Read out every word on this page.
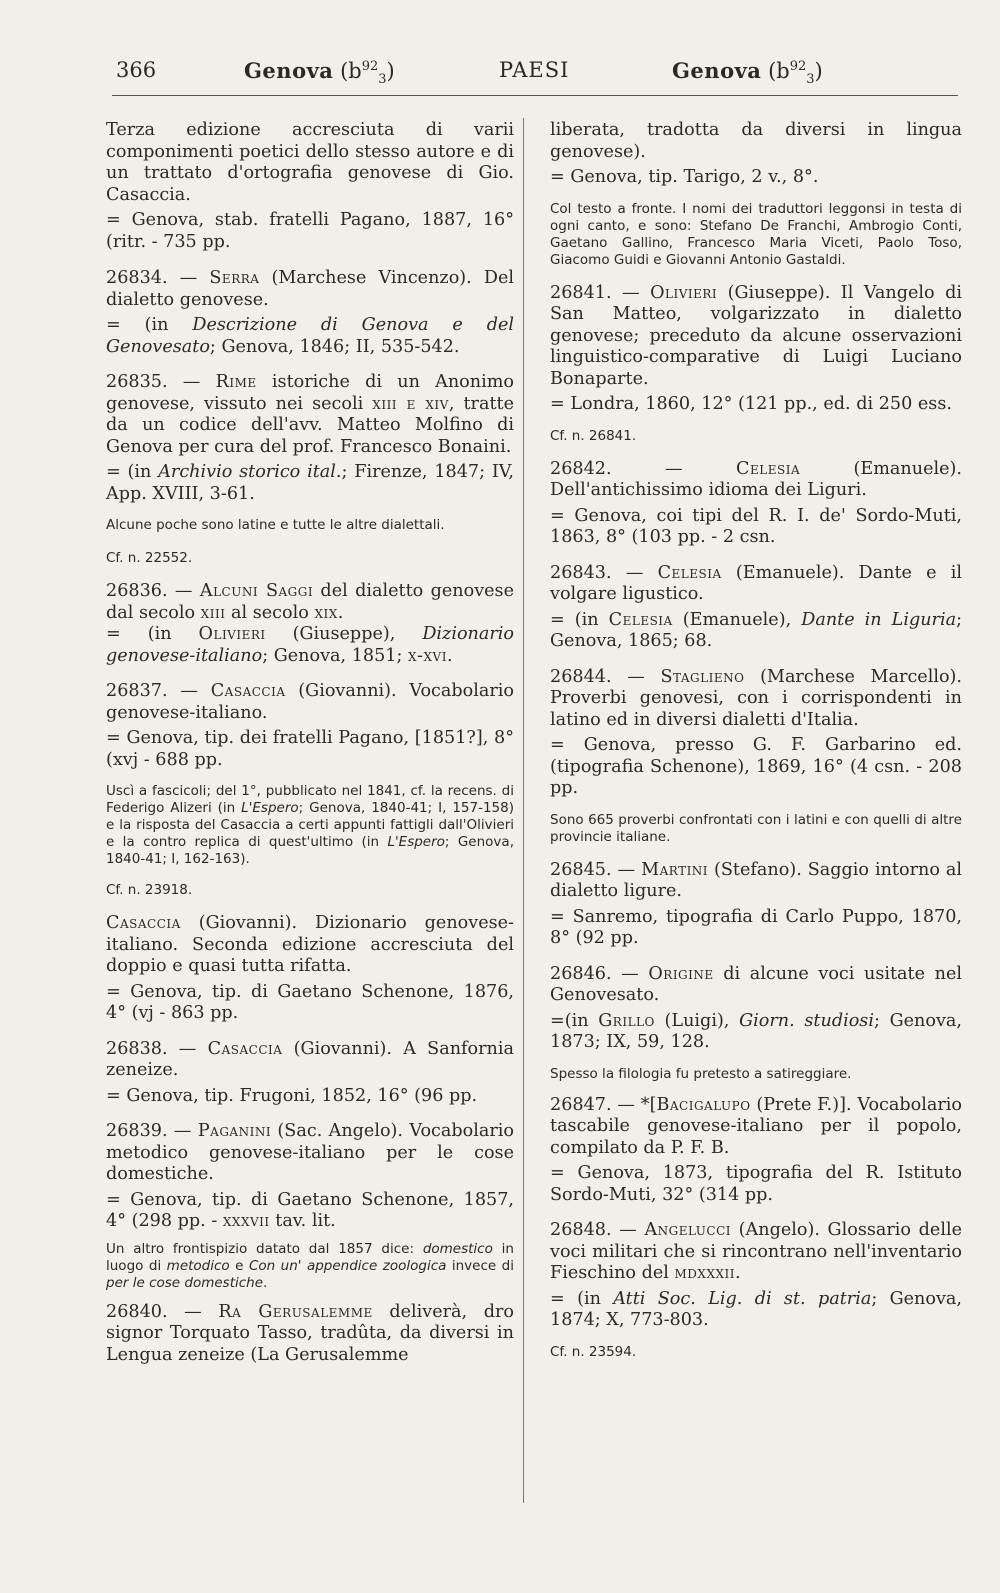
366	Genova $(b^{92}_3)$	PAESI	Genova $(b^{92}_3)$

Terza edizione accresciuta di varii componimenti poetici dello stesso autore e di un trattato d'ortografia genovese di Gio. Casaccia.

= Genova, stab. fratelli Pagano, 1887, 16° (ritr. - 735 pp.

26834. — Serra (Marchese Vincenzo). Del dialetto genovese.

= (in Descrizione di Genova e del Genovesato; Genova, 1846; II, 535-542.

26835. — Rime istoriche di un Anonimo genovese, vissuto nei secoli xiii e xiv, tratte da un codice dell'avv. Matteo Molfino di Genova per cura del prof. Francesco Bonaini.

= (in Archivio storico ital.; Firenze, 1847; IV, App. XVIII, 3-61.

Alcune poche sono latine e tutte le altre dialettali.

Cf. n. 22552.

26836. — Alcuni Saggi del dialetto genovese dal secolo xiii al secolo xix.

= (in Olivieri (Giuseppe), Dizionario genovese-italiano; Genova, 1851; x-xvi.

26837. — Casaccia (Giovanni). Vocabolario genovese-italiano.

= Genova, tip. dei fratelli Pagano, [1851?], 8° (xvj - 688 pp.

Uscì a fascicoli; del 1°, pubblicato nel 1841, cf. la recens. di Federigo Alizeri (in L'Espero; Genova, 1840-41; I, 157-158) e la risposta del Casaccia a certi appunti fattigli dall'Olivieri e la contro replica di quest'ultimo (in L'Espero; Genova, 1840-41; I, 162-163).

Cf. n. 23918.

Casaccia (Giovanni). Dizionario genovese-italiano. Seconda edizione accresciuta del doppio e quasi tutta rifatta.

= Genova, tip. di Gaetano Schenone, 1876, 4° (vj - 863 pp.

26838. — Casaccia (Giovanni). A Sanfornia zeneize.

= Genova, tip. Frugoni, 1852, 16° (96 pp.

26839. — Paganini (Sac. Angelo). Vocabolario metodico genovese-italiano per le cose domestiche.

= Genova, tip. di Gaetano Schenone, 1857, 4° (298 pp. - xxxvii tav. lit.

Un altro frontispizio datato dal 1857 dice: domestico in luogo di metodico e Con un' appendice zoologica invece di per le cose domestiche.

26840. — Ra Gerusalemme deliverà, dro signor Torquato Tasso, tradûta, da diversi in Lengua zeneize (La Gerusalemme

liberata, tradotta da diversi in lingua genovese).

= Genova, tip. Tarigo, 2 v., 8°.

Col testo a fronte. I nomi dei traduttori leggonsi in testa di ogni canto, e sono: Stefano De Franchi, Ambrogio Conti, Gaetano Gallino, Francesco Maria Viceti, Paolo Toso, Giacomo Guidi e Giovanni Antonio Gastaldi.

26841. — Olivieri (Giuseppe). Il Vangelo di San Matteo, volgarizzato in dialetto genovese; preceduto da alcune osservazioni linguistico-comparative di Luigi Luciano Bonaparte.

= Londra, 1860, 12° (121 pp., ed. di 250 ess.

Cf. n. 26841.

26842. — Celesia (Emanuele). Dell'antichissimo idioma dei Liguri.

= Genova, coi tipi del R. I. de' Sordo-Muti, 1863, 8° (103 pp. - 2 csn.

26843. — Celesia (Emanuele). Dante e il volgare ligustico.

= (in Celesia (Emanuele), Dante in Liguria; Genova, 1865; 68.

26844. — Staglieno (Marchese Marcello). Proverbi genovesi, con i corrispondenti in latino ed in diversi dialetti d'Italia.

= Genova, presso G. F. Garbarino ed. (tipografia Schenone), 1869, 16° (4 csn. - 208 pp.

Sono 665 proverbi confrontati con i latini e con quelli di altre provincie italiane.

26845. — Martini (Stefano). Saggio intorno al dialetto ligure.

= Sanremo, tipografia di Carlo Puppo, 1870, 8° (92 pp.

26846. — Origine di alcune voci usitate nel Genovesato.

=(in Grillo (Luigi), Giorn. studiosi; Genova, 1873; IX, 59, 128.

Spesso la filologia fu pretesto a satireggiare.

26847. — *[Bacigalupo (Prete F.)]. Vocabolario tascabile genovese-italiano per il popolo, compilato da P. F. B.

= Genova, 1873, tipografia del R. Istituto Sordo-Muti, 32° (314 pp.

26848. — Angelucci (Angelo). Glossario delle voci militari che si rincontrano nell'inventario Fieschino del mdxxxii.

= (in Atti Soc. Lig. di st. patria; Genova, 1874; X, 773-803.

Cf. n. 23594.
